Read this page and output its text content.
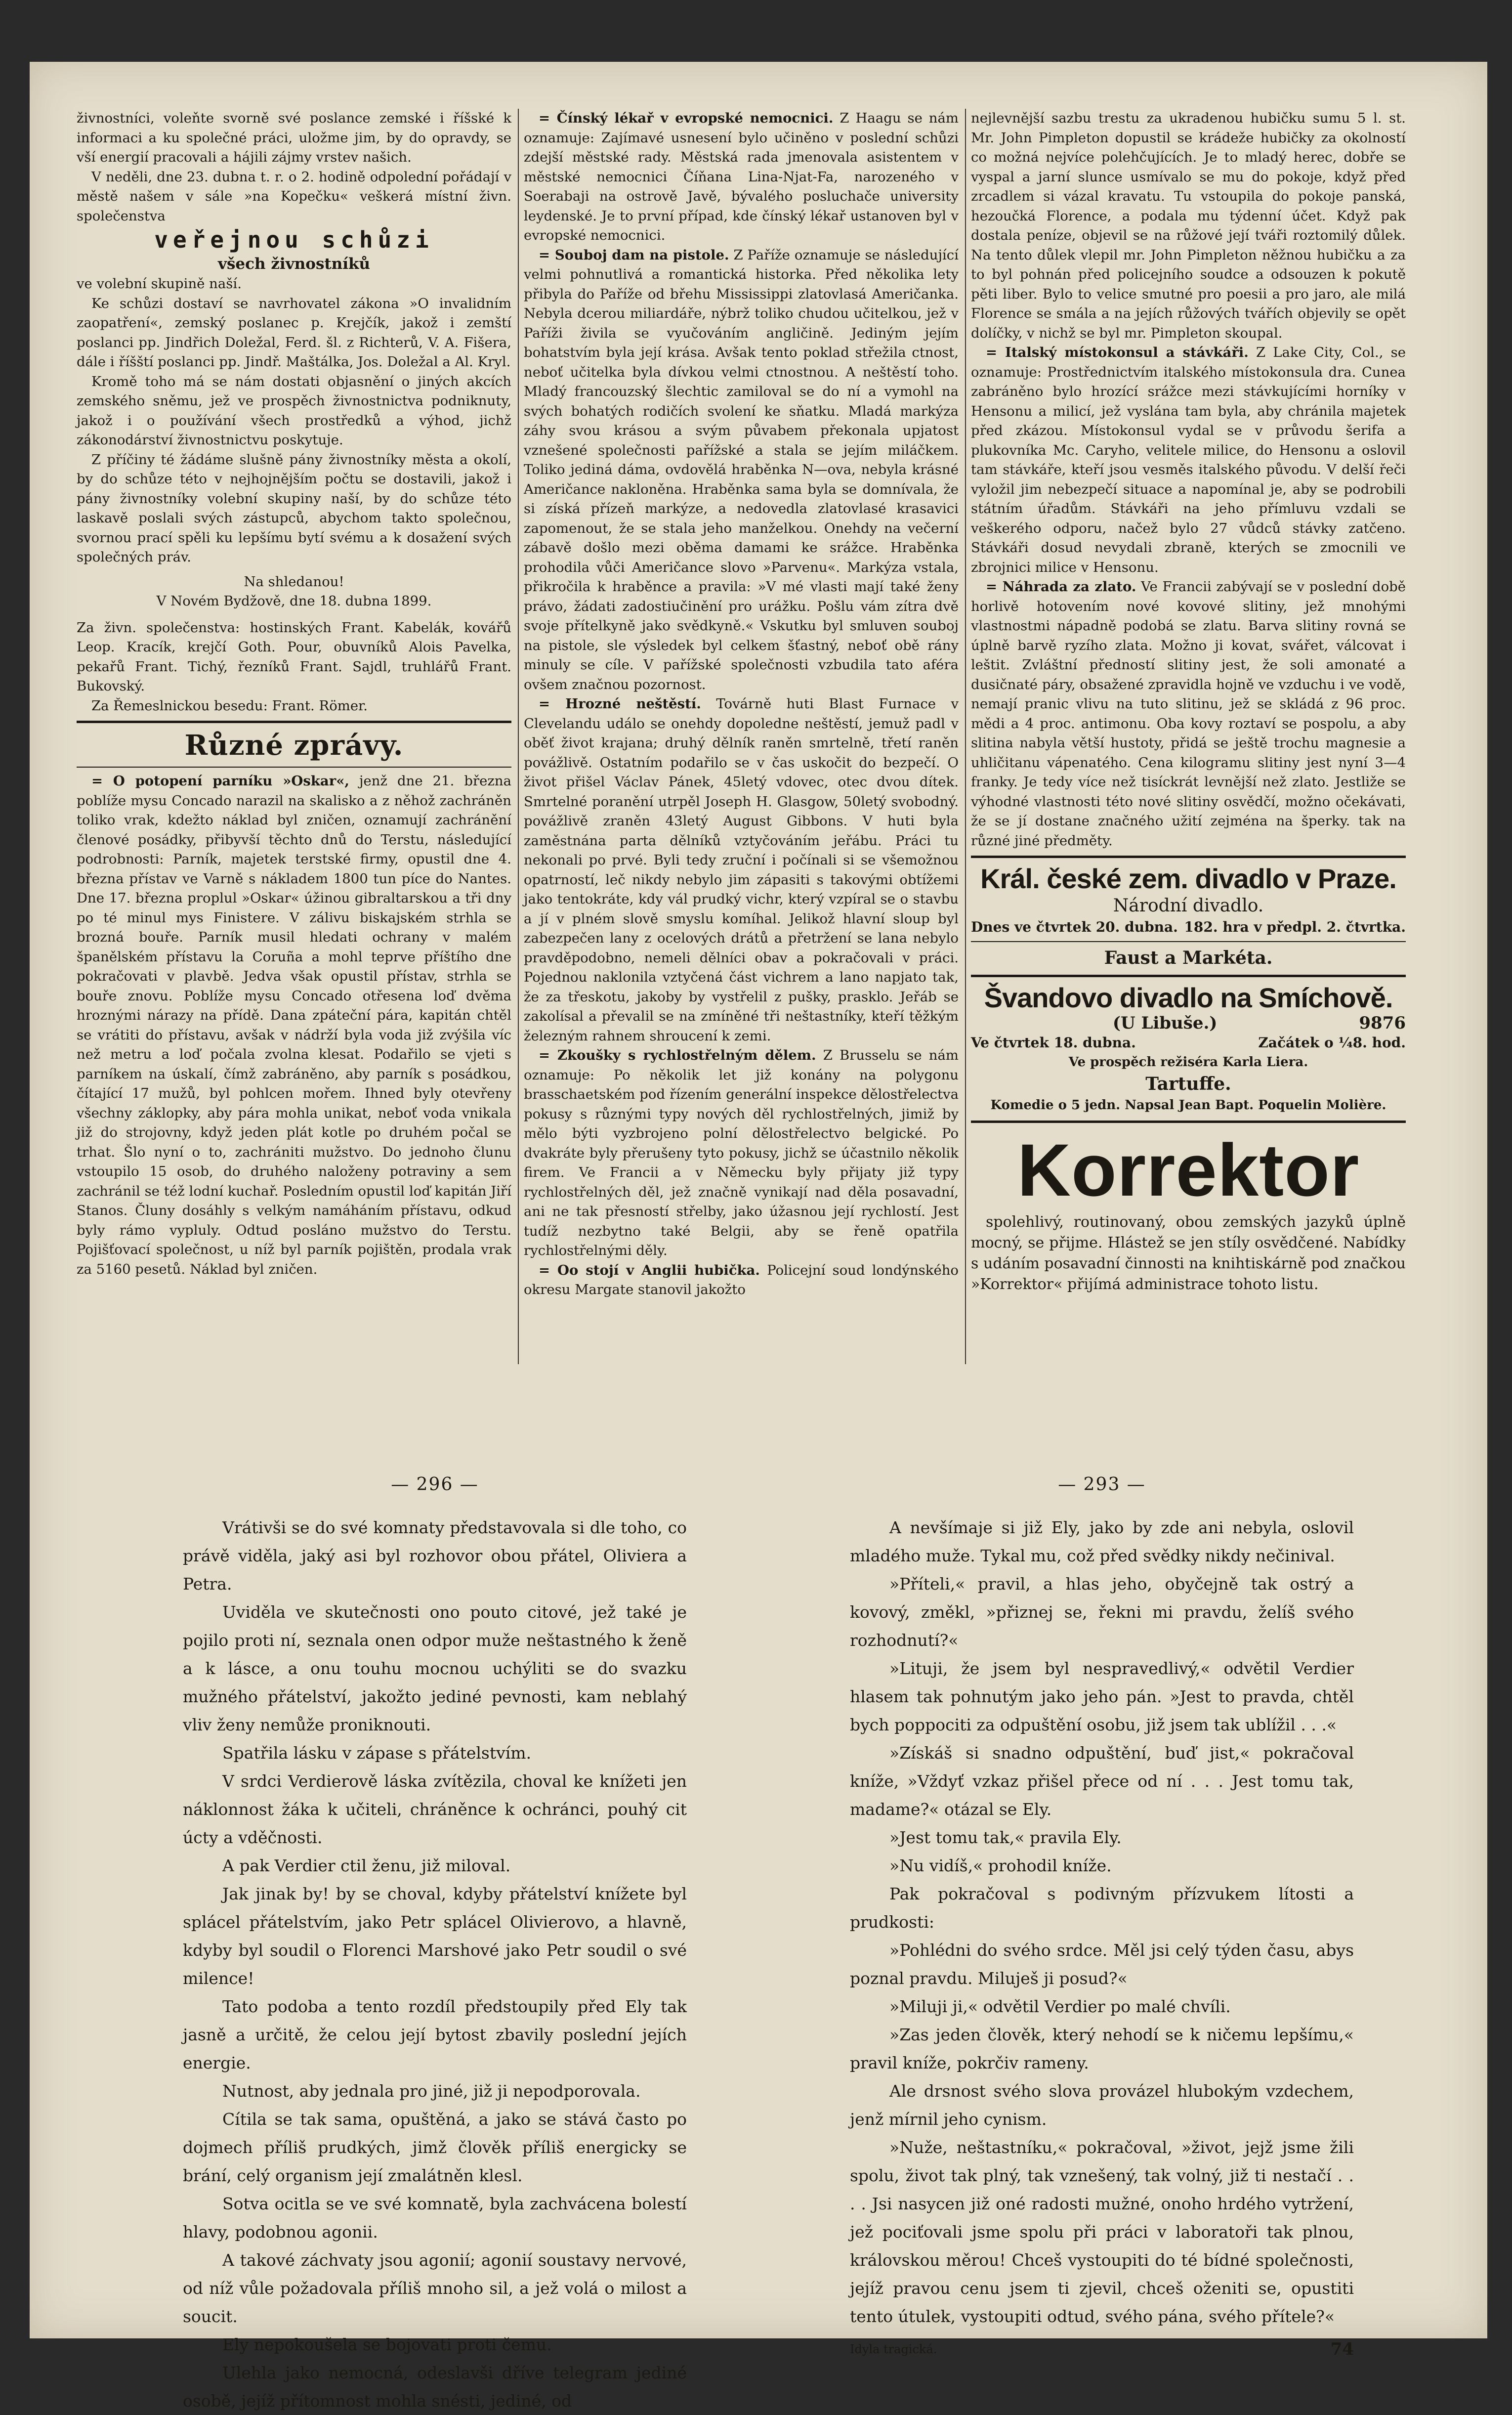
živnostníci, voleňte svorně své poslance zemské i říšské k informaci a ku společné práci, uložme jim, by do opravdy, se vší energií pracovali a hájili zájmy vrstev našich.

V neděli, dne 23. dubna t. r. o 2. hodině odpolední pořádají v městě našem v sále »na Kopečku« veškerá místní živn. společenstva

veřejnou schůzi
všech živnostníků

ve volební skupině naší.

Ke schůzi dostaví se navrhovatel zákona »O invalidním zaopatření«, zemský poslanec p. Krejčík, jakož i zemští poslanci pp. Jindřich Doležal, Ferd. šl. z Richterů, V. A. Fišera, dále i říšští poslanci pp. Jindř. Maštálka, Jos. Doležal a Al. Kryl.

Kromě toho má se nám dostati objasnění o jiných akcích zemského sněmu, jež ve prospěch živnostnictva podniknuty, jakož i o používání všech prostředků a výhod, jichž zákonodárství živnostnictvu poskytuje.

Z příčiny té žádáme slušně pány živnostníky města a okolí, by do schůze této v nejhojnějším počtu se dostavili, jakož i pány živnostníky volební skupiny naší, by do schůze této laskavě poslali svých zástupců, abychom takto společnou, svornou prací spěli ku lepšímu bytí svému a k dosažení svých společných práv.

Na shledanou!

V Novém Bydžově, dne 18. dubna 1899.

Za živn. společenstva: hostinských Frant. Kabelák, kovářů Leop. Kracík, krejčí Goth. Pour, obuvníků Alois Pavelka, pekařů Frant. Tichý, řezníků Frant. Sajdl, truhlářů Frant. Bukovský.

Za Řemeslnickou besedu: Frant. Römer.

Různé zprávy.

= O potopení parníku »Oskar«, jenž dne 21. března poblíže mysu Concado narazil na skalisko a z něhož zachráněn toliko vrak, kdežto náklad byl zničen, oznamují zachránění členové posádky, přibyvší těchto dnů do Terstu, následující podrobnosti: Parník, majetek terstské firmy, opustil dne 4. března přístav ve Varně s nákladem 1800 tun píce do Nantes. Dne 17. března proplul »Oskar« úžinou gibraltarskou a tři dny po té minul mys Finistere. V zálivu biskajském strhla se brozná bouře. Parník musil hledati ochrany v malém španělském přístavu la Coruña a mohl teprve příštího dne pokračovati v plavbě. Jedva však opustil přístav, strhla se bouře znovu. Poblíže mysu Concado otřesena loď dvěma hroznými nárazy na přídě. Dana zpáteční pára, kapitán chtěl se vrátiti do přístavu, avšak v nádrží byla voda již zvýšila víc než metru a loď počala zvolna klesat. Podařilo se vjeti s parníkem na úskalí, čímž zabráněno, aby parník s posádkou, čítající 17 mužů, byl pohlcen mořem. Ihned byly otevřeny všechny záklopky, aby pára mohla unikat, neboť voda vnikala již do strojovny, když jeden plát kotle po druhém počal se trhat. Šlo nyní o to, zachrániti mužstvo. Do jednoho člunu vstoupilo 15 osob, do druhého naloženy potraviny a sem zachránil se též lodní kuchař. Posledním opustil loď kapitán Jiří Stanos. Čluny dosáhly s velkým namáháním přístavu, odkud byly rámo vypluly. Odtud posláno mužstvo do Terstu. Pojišťovací společnost, u níž byl parník pojištěn, prodala vrak za 5160 pesetů. Náklad byl zničen.

= Čínský lékař v evropské nemocnici. Z Haagu se nám oznamuje: Zajímavé usnesení bylo učiněno v poslední schůzi zdejší městské rady. Městská rada jmenovala asistentem v městské nemocnici Číňana Lina-Njat-Fa, narozeného v Soerabaji na ostrově Javě, bývalého posluchače university leydenské. Je to první případ, kde čínský lékař ustanoven byl v evropské nemocnici.

= Souboj dam na pistole. Z Paříže oznamuje se následující velmi pohnutlivá a romantická historka. Před několika lety přibyla do Paříže od břehu Mississippi zlatovlasá Američanka. Nebyla dcerou miliardáře, nýbrž toliko chudou učitelkou, jež v Paříži živila se vyučováním angličině. Jediným jejím bohatstvím byla její krása. Avšak tento poklad střežila ctnost, neboť učitelka byla dívkou velmi ctnostnou. A neštěstí toho. Mladý francouzský šlechtic zamiloval se do ní a vymohl na svých bohatých rodičích svolení ke sňatku. Mladá markýza záhy svou krásou a svým půvabem překonala upjatost vznešené společnosti pařížské a stala se jejím miláčkem. Toliko jediná dáma, ovdovělá hraběnka N—ova, nebyla krásné Američance nakloněna. Hraběnka sama byla se domnívala, že si získá přízeň markýze, a nedovedla zlatovlasé krasavici zapomenout, že se stala jeho manželkou. Onehdy na večerní zábavě došlo mezi oběma damami ke srážce. Hraběnka prohodila vůči Američance slovo »Parvenu«. Markýza vstala, přikročila k hraběnce a pravila: »V mé vlasti mají také ženy právo, žádati zadostiučinění pro urážku. Pošlu vám zítra dvě svoje přítelkyně jako svědkyně.« Vskutku byl smluven souboj na pistole, sle výsledek byl celkem šťastný, neboť obě rány minuly se cíle. V pařížské společnosti vzbudila tato aféra ovšem značnou pozornost.

= Hrozné neštěstí. Továrně huti Blast Furnace v Clevelandu událo se onehdy dopoledne neštěstí, jemuž padl v oběť život krajana; druhý dělník raněn smrtelně, třetí raněn povážlivě. Ostatním podařilo se v čas uskočit do bezpečí. O život přišel Václav Pánek, 45letý vdovec, otec dvou dítek. Smrtelné poranění utrpěl Joseph H. Glasgow, 50letý svobodný. povážlivě zraněn 43letý August Gibbons. V huti byla zaměstnána parta dělníků vztyčováním jeřábu. Práci tu nekonali po prvé. Byli tedy zruční i počínali si se všemožnou opatrností, leč nikdy nebylo jim zápasiti s takovými obtížemi jako tentokráte, kdy vál prudký vichr, který vzpíral se o stavbu a jí v plném slově smyslu komíhal. Jelikož hlavní sloup byl zabezpečen lany z ocelových drátů a přetržení se lana nebylo pravděpodobno, nemeli dělníci obav a pokračovali v práci. Pojednou naklonila vztyčená část vichrem a lano napjato tak, že za třeskotu, jakoby by vystřelil z pušky, prasklo. Jeřáb se zakolísal a převalil se na zmíněné tři neštastníky, kteří těžkým železným rahnem shroucení k zemi.

= Zkoušky s rychlostřelným dělem. Z Brusselu se nám oznamuje: Po několik let již konány na polygonu brasschaetském pod řízením generální inspekce dělostřelectva pokusy s různými typy nových děl rychlostřelných, jimiž by mělo býti vyzbrojeno polní dělostřelectvo belgické. Po dvakráte byly přerušeny tyto pokusy, jichž se účastnilo několik firem. Ve Francii a v Německu byly přijaty již typy rychlostřelných děl, jež značně vynikají nad děla posavadní, ani ne tak přesností střelby, jako úžasnou její rychlostí. Jest tudíž nezbytno také Belgii, aby se řeně opatřila rychlostřelnými děly.

= Oo stojí v Anglii hubička. Policejní soud londýnského okresu Margate stanovil jakožto

nejlevnější sazbu trestu za ukradenou hubičku sumu 5 l. st. Mr. John Pimpleton dopustil se krádeže hubičky za okolností co možná nejvíce polehčujících. Je to mladý herec, dobře se vyspal a jarní slunce usmívalo se mu do pokoje, když před zrcadlem si vázal kravatu. Tu vstoupila do pokoje panská, hezoučká Florence, a podala mu týdenní účet. Když pak dostala peníze, objevil se na růžové její tváři roztomilý důlek. Na tento důlek vlepil mr. John Pimpleton něžnou hubičku a za to byl pohnán před policejního soudce a odsouzen k pokutě pěti liber. Bylo to velice smutné pro poesii a pro jaro, ale milá Florence se smála a na jejích růžových tvářích objevily se opět dolíčky, v nichž se byl mr. Pimpleton skoupal.

= Italský místokonsul a stávkáři. Z Lake City, Col., se oznamuje: Prostřednictvím italského místokonsula dra. Cunea zabráněno bylo hrozící srážce mezi stávkujícími horníky v Hensonu a milicí, jež vyslána tam byla, aby chránila majetek před zkázou. Místokonsul vydal se v průvodu šerifa a plukovníka Mc. Caryho, velitele milice, do Hensonu a oslovil tam stávkáře, kteří jsou vesměs italského původu. V delší řeči vyložil jim nebezpečí situace a napomínal je, aby se podrobili státním úřadům. Stávkáři na jeho přímluvu vzdali se veškerého odporu, načež bylo 27 vůdců stávky zatčeno. Stávkáři dosud nevydali zbraně, kterých se zmocnili ve zbrojnici milice v Hensonu.

= Náhrada za zlato. Ve Francii zabývají se v poslední době horlivě hotovením nové kovové slitiny, jež mnohými vlastnostmi nápadně podobá se zlatu. Barva slitiny rovná se úplně barvě ryzího zlata. Možno ji kovat, svářet, válcovat i leštit. Zvláštní předností slitiny jest, že soli amonaté a dusičnaté páry, obsažené zpravidla hojně ve vzduchu i ve vodě, nemají pranic vlivu na tuto slitinu, jež se skládá z 96 proc. mědi a 4 proc. antimonu. Oba kovy roztaví se pospolu, a aby slitina nabyla větší hustoty, přidá se ještě trochu magnesie a uhličitanu vápenatého. Cena kilogramu slitiny jest nyní 3—4 franky. Je tedy více než tisíckrát levnější než zlato. Jestliže se výhodné vlastnosti této nové slitiny osvědčí, možno očekávati, že se jí dostane značného užití zejména na šperky. tak na různé jiné předměty.

Král. české zem. divadlo v Praze.
Národní divadlo.
Dnes ve čtvrtek 20. dubna. 182. hra v předpl. 2. čtvrtka.
Faust a Markéta.
Švandovo divadlo na Smíchově.
(U Libuše.)	9876
Ve čtvrtek 18. dubna.	Začátek o ¼8. hod.
Ve prospěch režiséra Karla Liera.
Tartuffe.
Komedie o 5 jedn. Napsal Jean Bapt. Poquelin Molière.
Korrektor

spolehlivý, routinovaný, obou zemských jazyků úplně mocný, se přijme. Hlástež se jen stíly osvědčené. Nabídky s udáním posavadní činnosti na knihtiskárně pod značkou »Korrektor« přijímá administrace tohoto listu.

— 296 —

Vrátivši se do své komnaty představovala si dle toho, co právě viděla, jaký asi byl rozhovor obou přátel, Oliviera a Petra.

Uviděla ve skutečnosti ono pouto citové, jež také je pojilo proti ní, seznala onen odpor muže neštastného k ženě a k lásce, a onu touhu mocnou uchýliti se do svazku mužného přátelství, jakožto jediné pevnosti, kam neblahý vliv ženy nemůže proniknouti.

Spatřila lásku v zápase s přátelstvím.

V srdci Verdierově láska zvítězila, choval ke knížeti jen náklonnost žáka k učiteli, chráněnce k ochránci, pouhý cit úcty a vděčnosti.

A pak Verdier ctil ženu, již miloval.

Jak jinak by! by se choval, kdyby přátelství knížete byl splácel přátelstvím, jako Petr splácel Olivierovo, a hlavně, kdyby byl soudil o Florenci Marshové jako Petr soudil o své milence!

Tato podoba a tento rozdíl předstoupily před Ely tak jasně a určitě, že celou její bytost zbavily poslední jejích energie.

Nutnost, aby jednala pro jiné, již ji nepodporovala.

Cítila se tak sama, opuštěná, a jako se stává často po dojmech příliš prudkých, jimž člověk příliš energicky se brání, celý organism její zmalátněn klesl.

Sotva ocitla se ve své komnatě, byla zachvácena bolestí hlavy, podobnou agonii.

A takové záchvaty jsou agonií; agonií soustavy nervové, od níž vůle požadovala příliš mnoho sil, a jež volá o milost a soucit.

Ely nepokoušela se bojovati proti čemu.

Ulehla jako nemocná, odeslavši dříve telegram jediné osobě, jejíž přítomnost mohla snésti, jediné, od

— 293 —

A nevšímaje si již Ely, jako by zde ani nebyla, oslovil mladého muže. Tykal mu, což před svědky nikdy nečinival.

»Příteli,« pravil, a hlas jeho, obyčejně tak ostrý a kovový, změkl, »přiznej se, řekni mi pravdu, želíš svého rozhodnutí?«

»Lituji, že jsem byl nespravedlivý,« odvětil Verdier hlasem tak pohnutým jako jeho pán. »Jest to pravda, chtěl bych popросiti za odpuštění osobu, již jsem tak ublížil . . .«

»Získáš si snadno odpuštění, buď jist,« pokračoval kníže, »Vždyť vzkaz přišel přece od ní . . . Jest tomu tak, madame?« otázal se Ely.

»Jest tomu tak,« pravila Ely.

»Nu vidíš,« prohodil kníže.

Pak pokračoval s podivným přízvukem lítosti a prudkosti:

»Pohlédni do svého srdce. Měl jsi celý týden času, abys poznal pravdu. Miluješ ji posud?«

»Miluji ji,« odvětil Verdier po malé chvíli.

»Zas jeden člověk, který nehodí se k ničemu lepšímu,« pravil kníže, pokrčiv rameny.

Ale drsnost svého slova provázel hlubokým vzdechem, jenž mírnil jeho cynism.

»Nuže, neštastníku,« pokračoval, »život, jejž jsme žili spolu, život tak plný, tak vznešený, tak volný, již ti nestačí . . . . Jsi nasycen již oné radosti mužné, onoho hrdého vytržení, jež pociťovali jsme spolu při práci v laboratoři tak plnou, královskou měrou! Chceš vystoupiti do té bídné společnosti, jejíž pravou cenu jsem ti zjevil, chceš oženiti se, opustiti tento útulek, vystoupiti odtud, svého pána, svého přítele?«

Idyla tragická.	74
